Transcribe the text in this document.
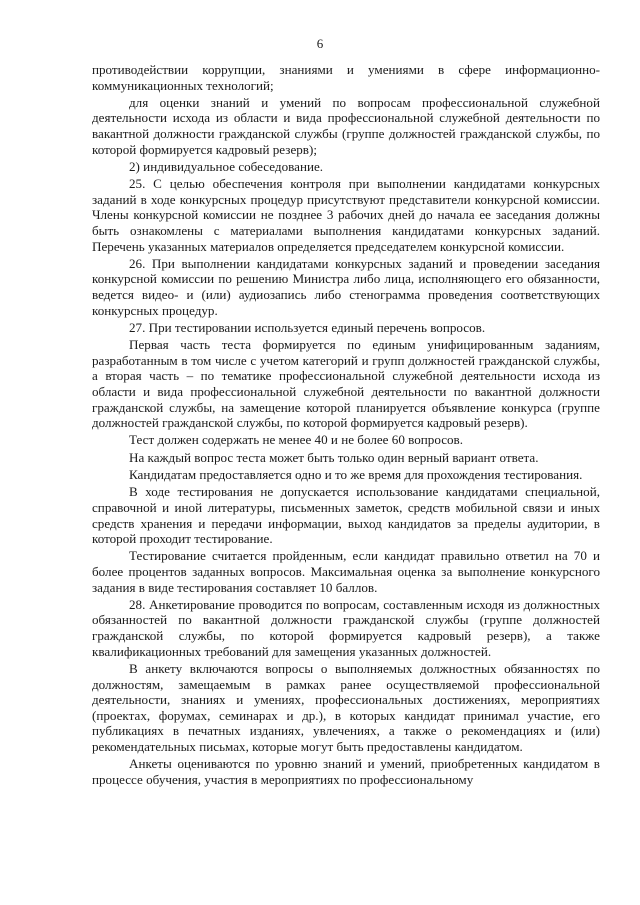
6

противодействии коррупции, знаниями и умениями в сфере информационно-коммуникационных технологий;

для оценки знаний и умений по вопросам профессиональной служебной деятельности исхода из области и вида профессиональной служебной деятельности по вакантной должности гражданской службы (группе должностей гражданской службы, по которой формируется кадровый резерв);

2) индивидуальное собеседование.

25. С целью обеспечения контроля при выполнении кандидатами конкурсных заданий в ходе конкурсных процедур присутствуют представители конкурсной комиссии. Члены конкурсной комиссии не позднее 3 рабочих дней до начала ее заседания должны быть ознакомлены с материалами выполнения кандидатами конкурсных заданий. Перечень указанных материалов определяется председателем конкурсной комиссии.

26. При выполнении кандидатами конкурсных заданий и проведении заседания конкурсной комиссии по решению Министра либо лица, исполняющего его обязанности, ведется видео- и (или) аудиозапись либо стенограмма проведения соответствующих конкурсных процедур.

27. При тестировании используется единый перечень вопросов.

Первая часть теста формируется по единым унифицированным заданиям, разработанным в том числе с учетом категорий и групп должностей гражданской службы, а вторая часть – по тематике профессиональной служебной деятельности исхода из области и вида профессиональной служебной деятельности по вакантной должности гражданской службы, на замещение которой планируется объявление конкурса (группе должностей гражданской службы, по которой формируется кадровый резерв).

Тест должен содержать не менее 40 и не более 60 вопросов.

На каждый вопрос теста может быть только один верный вариант ответа.

Кандидатам предоставляется одно и то же время для прохождения тестирования.

В ходе тестирования не допускается использование кандидатами специальной, справочной и иной литературы, письменных заметок, средств мобильной связи и иных средств хранения и передачи информации, выход кандидатов за пределы аудитории, в которой проходит тестирование.

Тестирование считается пройденным, если кандидат правильно ответил на 70 и более процентов заданных вопросов. Максимальная оценка за выполнение конкурсного задания в виде тестирования составляет 10 баллов.

28. Анкетирование проводится по вопросам, составленным исходя из должностных обязанностей по вакантной должности гражданской службы (группе должностей гражданской службы, по которой формируется кадровый резерв), а также квалификационных требований для замещения указанных должностей.

В анкету включаются вопросы о выполняемых должностных обязанностях по должностям, замещаемым в рамках ранее осуществляемой профессиональной деятельности, знаниях и умениях, профессиональных достижениях, мероприятиях (проектах, форумах, семинарах и др.), в которых кандидат принимал участие, его публикациях в печатных изданиях, увлечениях, а также о рекомендациях и (или) рекомендательных письмах, которые могут быть предоставлены кандидатом.

Анкеты оцениваются по уровню знаний и умений, приобретенных кандидатом в процессе обучения, участия в мероприятиях по профессиональному
